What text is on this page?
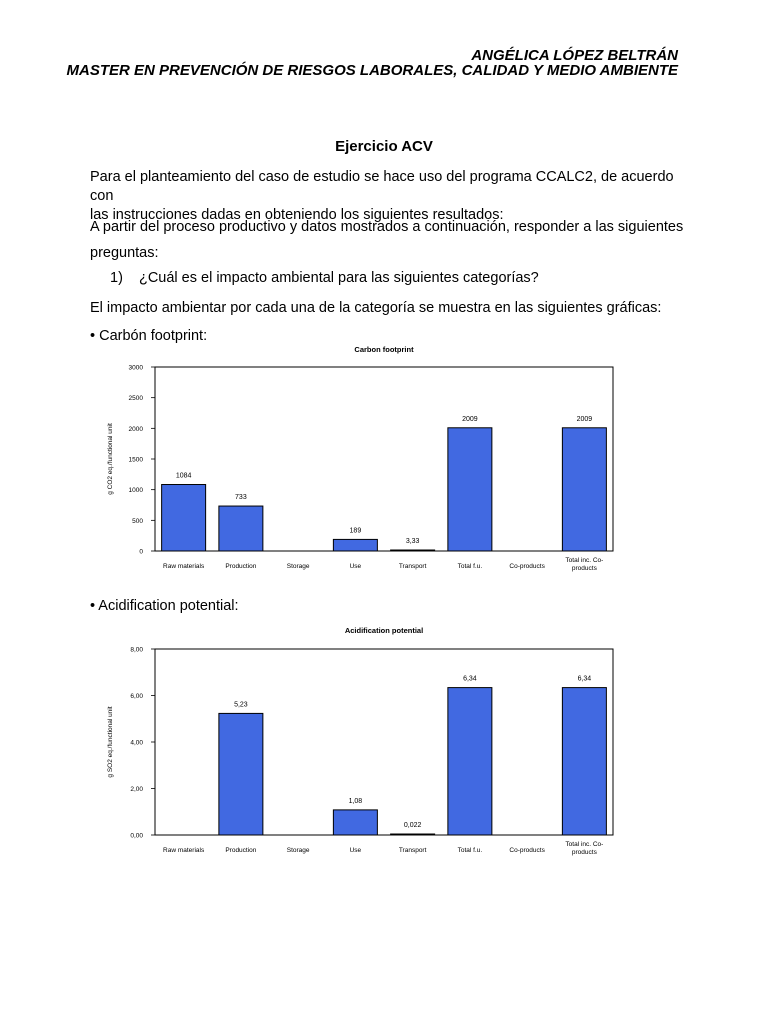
ANGÉLICA LÓPEZ BELTRÁN
MASTER EN PREVENCIÓN DE RIESGOS LABORALES, CALIDAD Y MEDIO AMBIENTE
Ejercicio ACV
Para el planteamiento del caso de estudio se hace uso del programa CCALC2, de acuerdo con
las instrucciones dadas en obteniendo los siguientes resultados:
A partir del proceso productivo y datos mostrados a continuación, responder a las siguientes
preguntas:
1) ¿Cuál es el impacto ambiental para las siguientes categorías?
El impacto ambientar por cada una de la categoría se muestra en las siguientes gráficas:
• Carbón footprint:
• Acidification potential:
Carbon footprint
0
500
1000
1500
2000
2500
3000
g CO2 eq./functional unit	1084
Raw materials
733
Production	Storage
189
Use
3,33
Transport
2009
Total f.u.	Co-products
2009
Total inc. Co-
products
Acidification potential
0,00
2,00
4,00
6,00
8,00
g SO2 eq./functional unit
Raw materials
5,23
Production	Storage
1,08
Use
0,022
Transport
6,34
Total f.u.	Co-products
6,34
Total inc. Co-
products
